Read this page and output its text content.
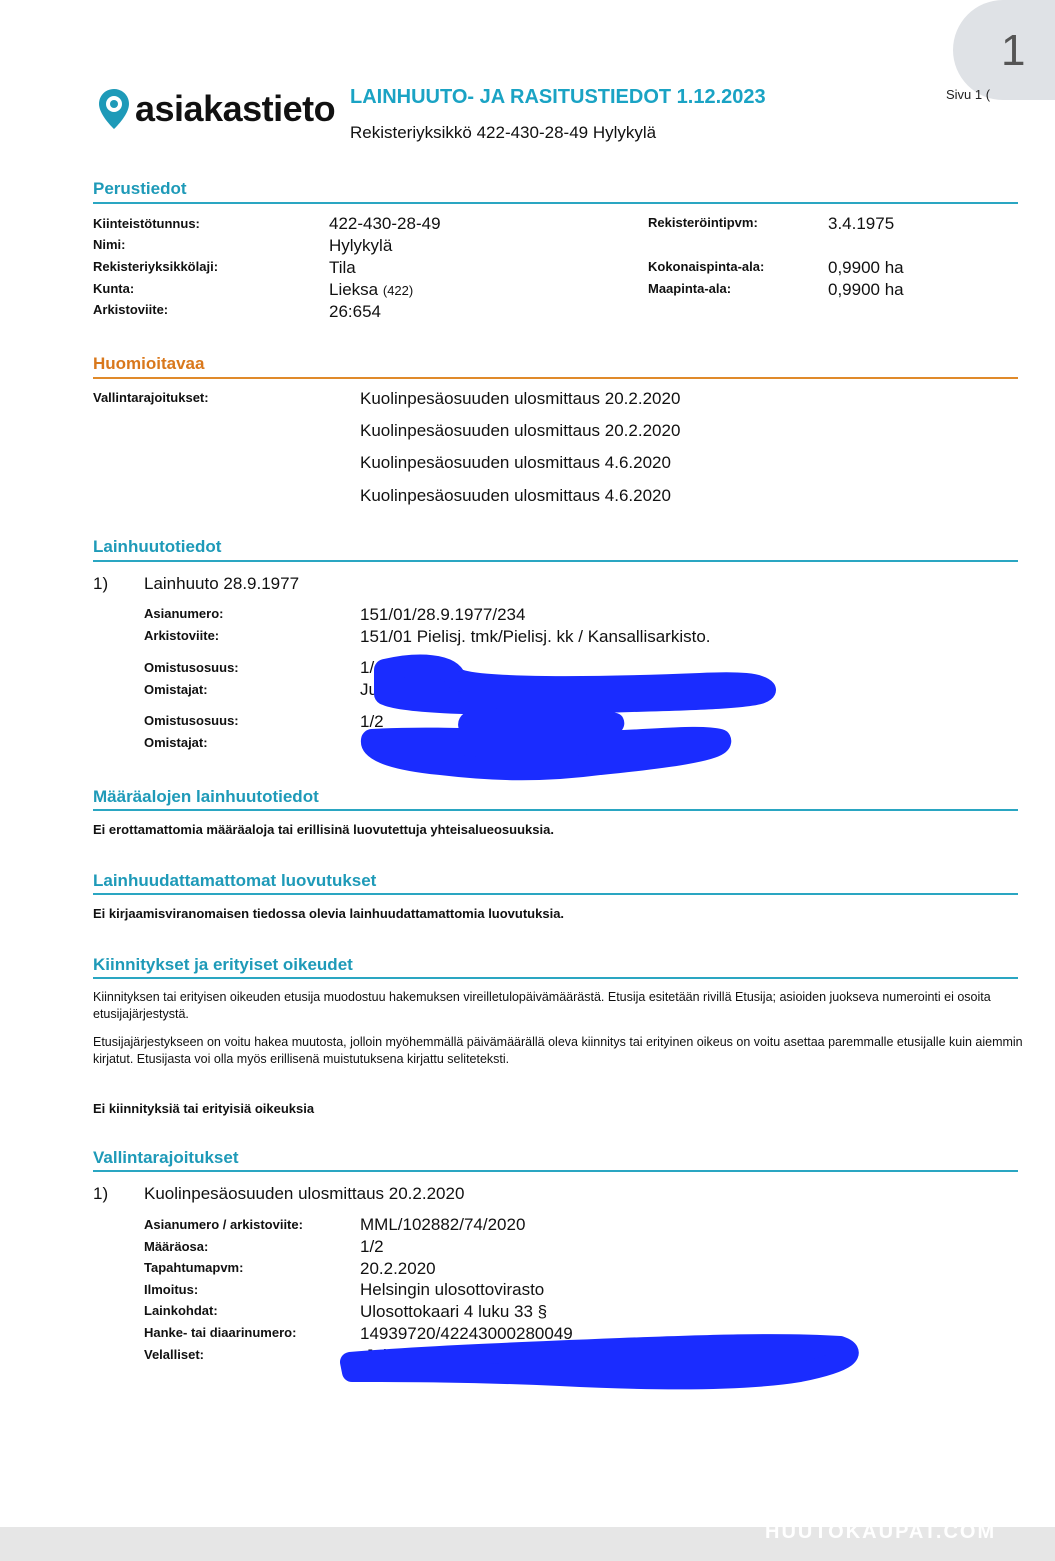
1
Sivu 1 (
asiakastieto LAINHUUTO- JA RASITUSTIEDOT 1.12.2023
Rekisteriyksikkö 422-430-28-49 Hylykylä
Perustiedot
Kiinteistötunnus:	422-430-28-49
Nimi:	Hylykylä
Rekisteriyksikkölaji:	Tila
Kunta:	Lieksa (422)
Arkistoviite:	26:654
Rekisteröintipvm:	3.4.1975
Kokonaispinta-ala:	0,9900 ha
Maapinta-ala:	0,9900 ha
Huomioitavaa
Vallintarajoitukset:	Kuolinpesäosuuden ulosmittaus 20.2.2020
Kuolinpesäosuuden ulosmittaus 20.2.2020
Kuolinpesäosuuden ulosmittaus 4.6.2020
Kuolinpesäosuuden ulosmittaus 4.6.2020
Lainhuutotiedot
1) Lainhuuto 28.9.1977
Asianumero:	151/01/28.9.1977/234
Arkistoviite:	151/01 Pielisj. tmk/Pielisj. kk / Kansallisarkisto.
Omistusosuus:	1/
Omistajat:	Jul
Omistusosuus:	1/2
Omistajat:
Määräalojen lainhuutotiedot
Ei erottamattomia määräaloja tai erillisinä luovutettuja yhteisalueosuuksia.
Lainhuudattamattomat luovutukset
Ei kirjaamisviranomaisen tiedossa olevia lainhuudattamattomia luovutuksia.
Kiinnitykset ja erityiset oikeudet
Kiinnityksen tai erityisen oikeuden etusija muodostuu hakemuksen vireilletulopäivämäärästä. Etusija esitetään rivillä Etusija; asioiden juokseva numerointi ei osoita etusijajärjestystä.
Etusijajärjestykseen on voitu hakea muutosta, jolloin myöhemmällä päivämäärällä oleva kiinnitys tai erityinen oikeus on voitu asettaa paremmalle etusijalle kuin aiemmin kirjatut. Etusijasta voi olla myös erillisenä muistutuksena kirjattu seliteteksti.
Ei kiinnityksiä tai erityisiä oikeuksia
Vallintarajoitukset
1) Kuolinpesäosuuden ulosmittaus 20.2.2020
Asianumero / arkistoviite:	MML/102882/74/2020
Määräosa:	1/2
Tapahtumapvm:	20.2.2020
Ilmoitus:	Helsingin ulosottovirasto
Lainkohdat:	Ulosottokaari 4 luku 33 §
Hanke- tai diaarinumero:	14939720/42243000280049
Velalliset:
HUUTOKAUPAT.COM
